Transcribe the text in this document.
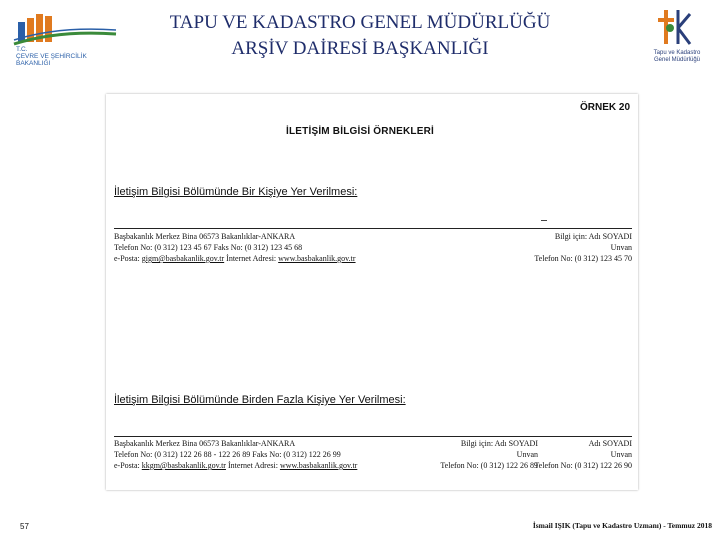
T.C.
ÇEVRE VE ŞEHİRCİLİK
BAKANLIĞI
TAPU VE KADASTRO GENEL MÜDÜRLÜĞÜ
ARŞİV DAİRESİ BAŞKANLIĞI	Tapu ve Kadastro
Genel Müdürlüğü
ÖRNEK 20
İLETİŞİM BİLGİSİ ÖRNEKLERİ
İletişim Bilgisi Bölümünde Bir Kişiye Yer Verilmesi:
Başbakanlık Merkez Bina 06573 Bakanlıklar-ANKARA
Telefon No: (0 312) 123 45 67 Faks No: (0 312) 123 45 68
e-Posta: gigm@basbakanlik.gov.tr İnternet Adresi: www.basbakanlik.gov.tr
Bilgi için: Adı SOYADI
Unvan
Telefon No: (0 312) 123 45 70
İletişim Bilgisi Bölümünde Birden Fazla Kişiye Yer Verilmesi:
Başbakanlık Merkez Bina 06573 Bakanlıklar-ANKARA
Telefon No: (0 312) 122 26 88 - 122 26 89 Faks No: (0 312) 122 26 99
e-Posta: kkgm@basbakanlik.gov.tr İnternet Adresi: www.basbakanlik.gov.tr
Bilgi için: Adı SOYADI
Unvan
Telefon No: (0 312) 122 26 89
Adı SOYADI
Unvan
Telefon No: (0 312) 122 26 90
57	İsmail IŞIK (Tapu ve Kadastro Uzmanı) - Temmuz 2018
